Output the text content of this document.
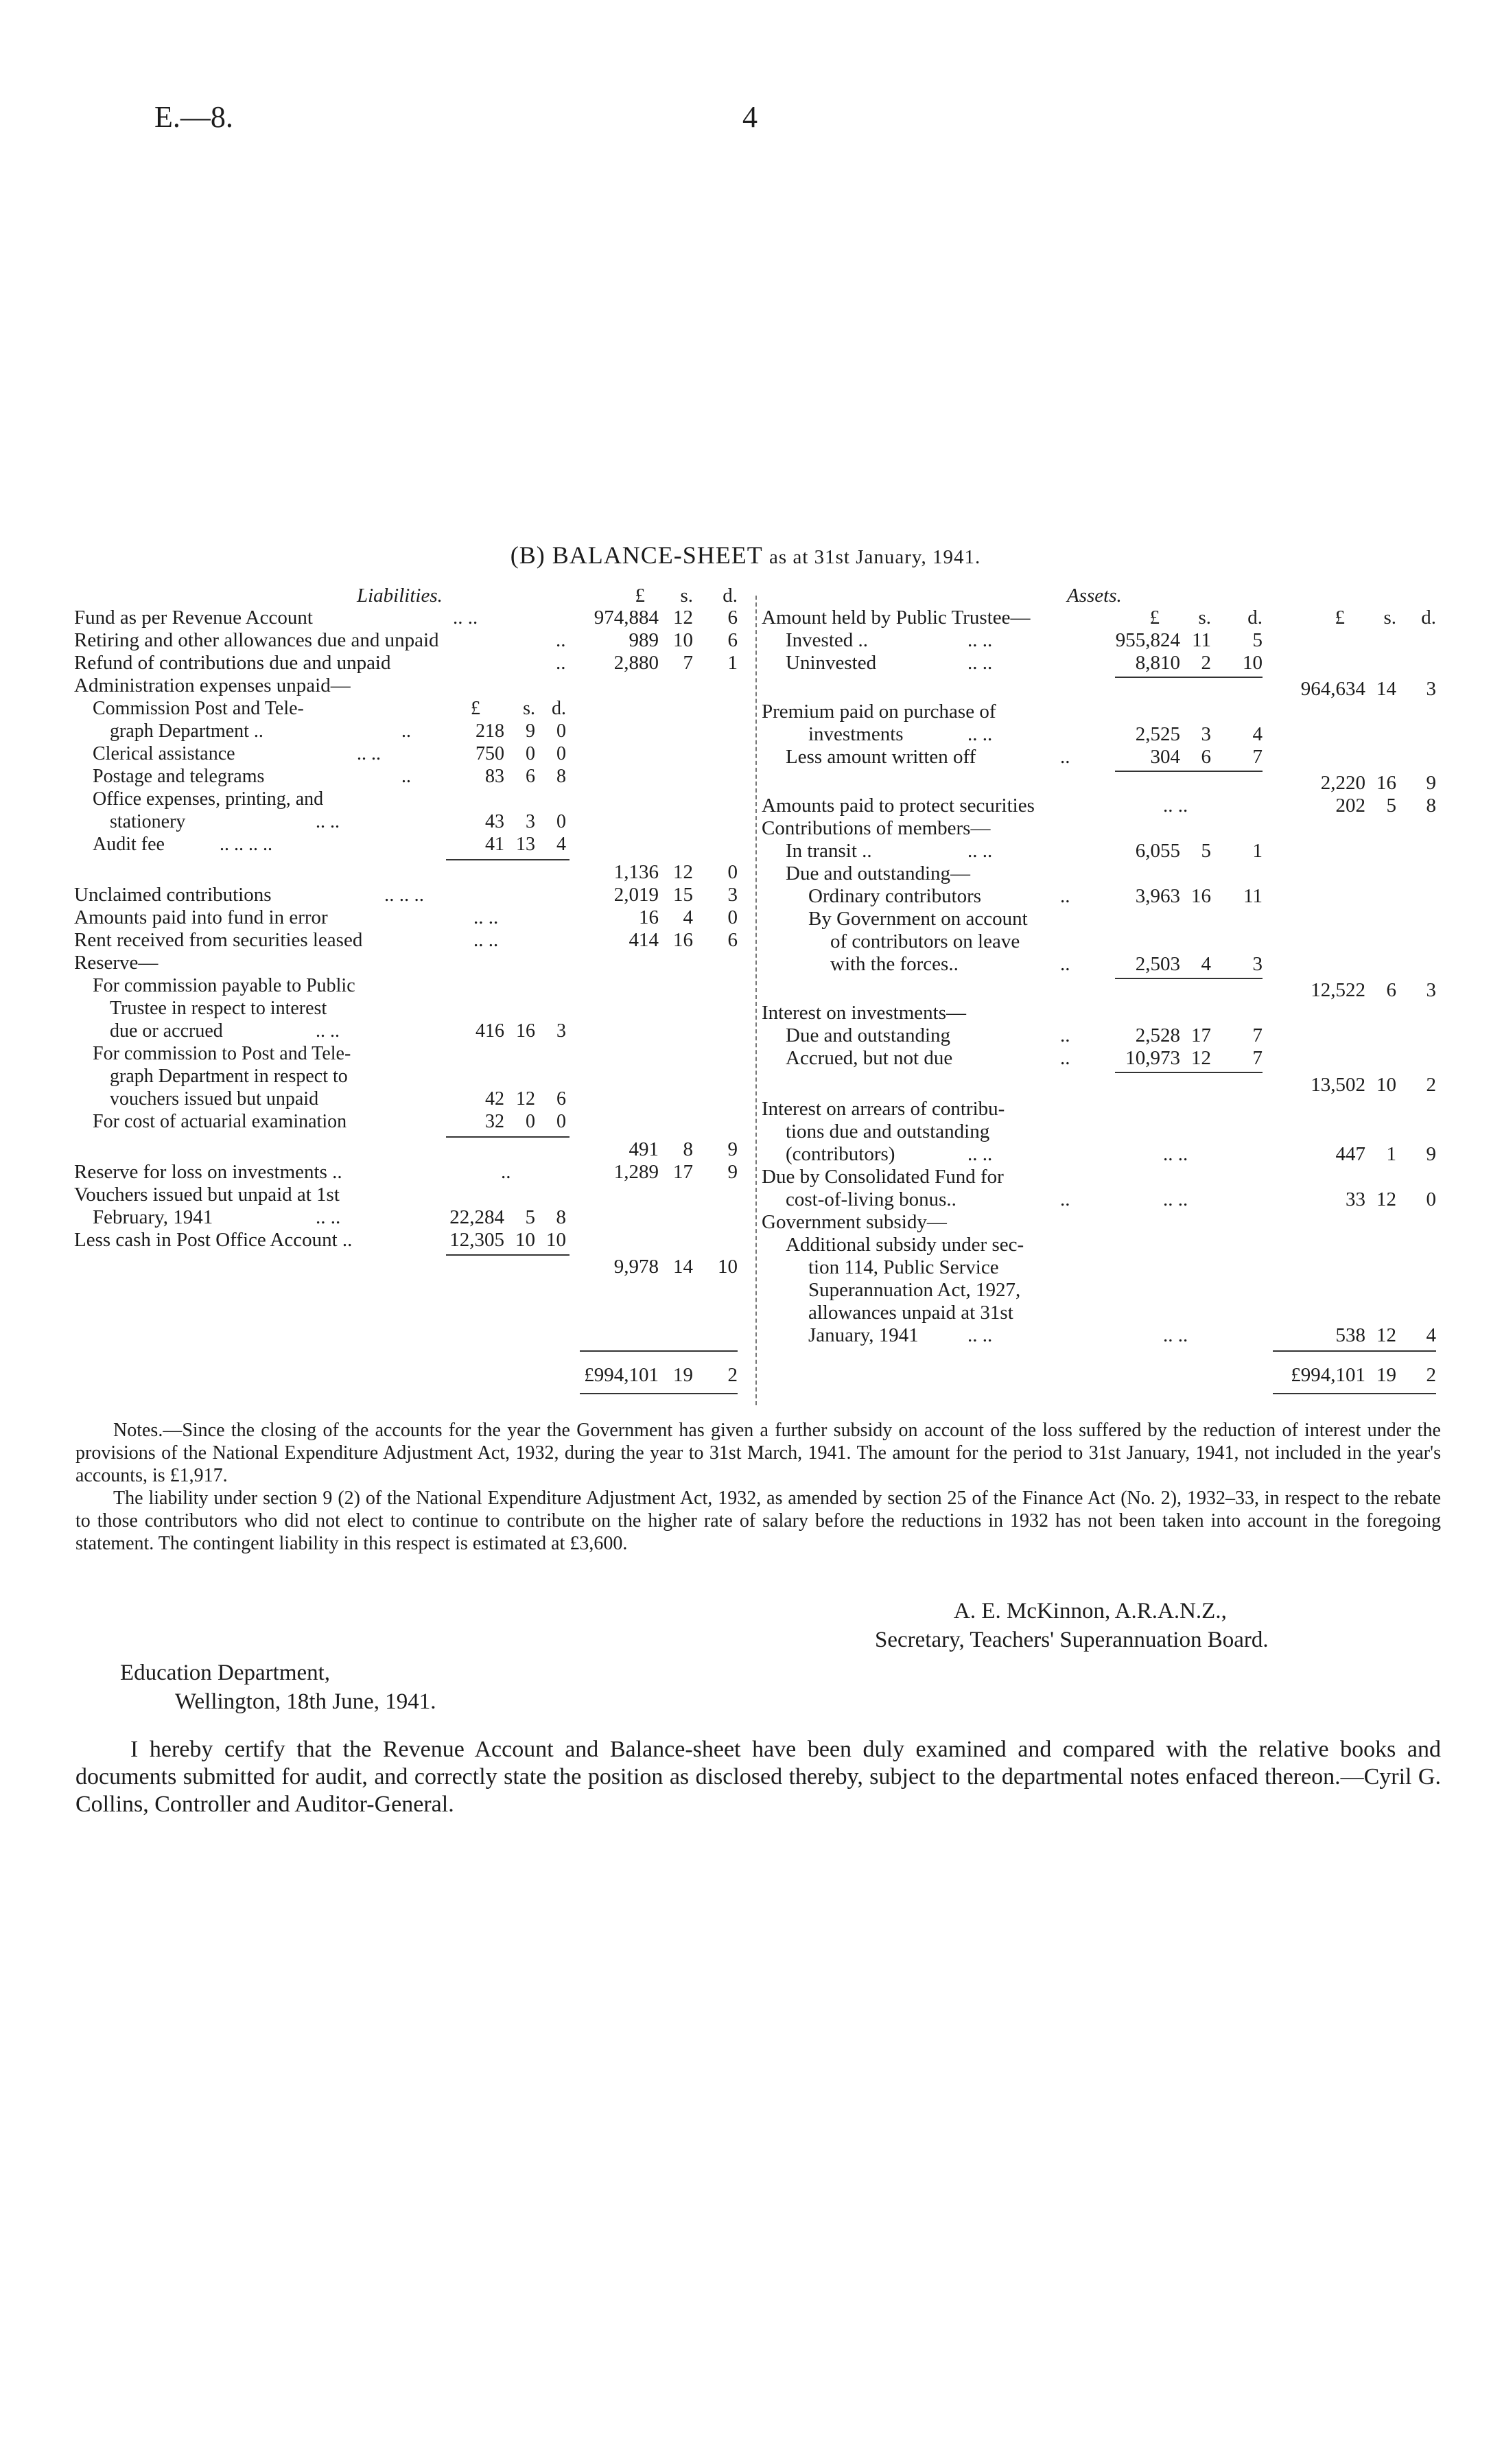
E.—8.	4
(B) BALANCE-SHEET as at 31st January, 1941.
Liabilities.	£	s.	d.
Fund as per Revenue Account	.. ..	974,884 12	6
Retiring and other allowances due and unpaid	..	989 10	6
Refund of contributions due and unpaid	..	2,880	7	1
Administration expenses unpaid—
£	s. d.
Commission Post and Tele-
graph Department ..	..	218	9	0
Clerical assistance	.. ..	750	0	0
Postage and telegrams	..	83	6	8
Office expenses, printing, and
stationery	.. ..	43	3	0
Audit fee	.. .. .. ..	41 13	4
1,136 12	0
Unclaimed contributions	.. .. ..	2,019 15	3
Amounts paid into fund in error	.. ..	16	4	0
Rent received from securities leased	.. ..	414 16	6
Reserve—
For commission payable to Public
Trustee in respect to interest
due or accrued	.. ..	416 16	3
For commission to Post and Tele-
graph Department in respect to
vouchers issued but unpaid	42 12	6
For cost of actuarial examination	32	0	0
491	8	9
Reserve for loss on investments ..	..	1,289 17	9
Vouchers issued but unpaid at 1st
February, 1941	.. ..	22,284	5	8
Less cash in Post Office Account ..	12,305 10 10
9,978 14	10
£994,101 19	2
Assets.
£	s.	d.	£	s.	d.
Amount held by Public Trustee—
Invested ..	.. ..	955,824 11	5
Uninvested	.. ..	8,810	2	10
964,634 14	3
Premium paid on purchase of
investments	.. ..	2,525	3	4
Less amount written off	..	304	6	7
2,220 16	9
Amounts paid to protect securities	.. ..	202	5	8
Contributions of members—
In transit ..	.. ..	6,055	5	1
Due and outstanding—
Ordinary contributors	..	3,963 16	11
By Government on account
of contributors on leave
with the forces..	..	2,503	4	3
12,522	6	3
Interest on investments—
Due and outstanding	..	2,528 17	7
Accrued, but not due	..	10,973 12	7
13,502 10	2
Interest on arrears of contribu-
tions due and outstanding
(contributors)	.. ..	.. ..	447	1	9
Due by Consolidated Fund for
cost-of-living bonus..	..	.. ..	33 12	0
Government subsidy—
Additional subsidy under sec-
tion 114, Public Service
Superannuation Act, 1927,
allowances unpaid at 31st
January, 1941 .. ..	.. ..	538 12	4
£994,101 19	2

Notes.—Since the closing of the accounts for the year the Government has given a further subsidy on account of the loss suffered by the reduction of interest under the provisions of the National Expenditure Adjustment Act, 1932, during the year to 31st March, 1941. The amount for the period to 31st January, 1941, not included in the year's accounts, is £1,917.

The liability under section 9 (2) of the National Expenditure Adjustment Act, 1932, as amended by section 25 of the Finance Act (No. 2), 1932–33, in respect to the rebate to those contributors who did not elect to continue to contribute on the higher rate of salary before the reductions in 1932 has not been taken into account in the foregoing statement. The contingent liability in this respect is estimated at £3,600.

A. E. McKinnon, A.R.A.N.Z.,
Secretary, Teachers' Superannuation Board.
Education Department,
Wellington, 18th June, 1941.
I hereby certify that the Revenue Account and Balance-sheet have been duly examined and compared with the relative books and documents submitted for audit, and correctly state the position as disclosed thereby, subject to the departmental notes enfaced thereon.—Cyril G. Collins, Controller and Auditor-General.
